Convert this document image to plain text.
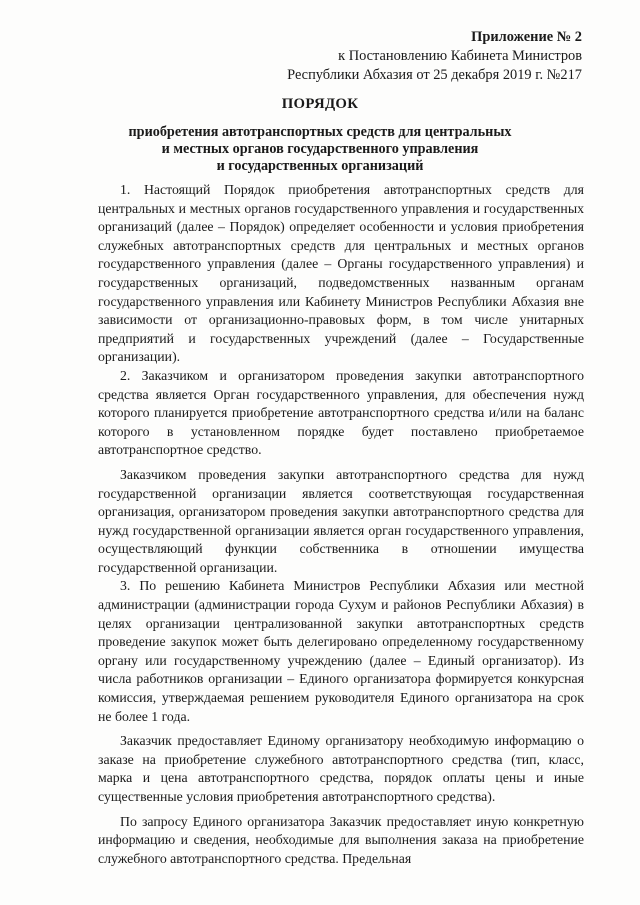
Приложение № 2
к Постановлению Кабинета Министров
Республики Абхазия от 25 декабря 2019 г. №217
ПОРЯДОК
приобретения автотранспортных средств для центральных
и местных органов государственного управления
и государственных организаций

1. Настоящий Порядок приобретения автотранспортных средств для центральных и местных органов государственного управления и государственных организаций (далее – Порядок) определяет особенности и условия приобретения служебных автотранспортных средств для центральных и местных органов государственного управления (далее – Органы государственного управления) и государственных организаций, подведомственных названным органам государственного управления или Кабинету Министров Республики Абхазия вне зависимости от организационно-правовых форм, в том числе унитарных предприятий и государственных учреждений (далее – Государственные организации).

2. Заказчиком и организатором проведения закупки автотранспортного средства является Орган государственного управления, для обеспечения нужд которого планируется приобретение автотранспортного средства и/или на баланс которого в установленном порядке будет поставлено приобретаемое автотранспортное средство.

Заказчиком проведения закупки автотранспортного средства для нужд государственной организации является соответствующая государственная организация, организатором проведения закупки автотранспортного средства для нужд государственной организации является орган государственного управления, осуществляющий функции собственника в отношении имущества государственной организации.

3. По решению Кабинета Министров Республики Абхазия или местной администрации (администрации города Сухум и районов Республики Абхазия) в целях организации централизованной закупки автотранспортных средств проведение закупок может быть делегировано определенному государственному органу или государственному учреждению (далее – Единый организатор). Из числа работников организации – Единого организатора формируется конкурсная комиссия, утверждаемая решением руководителя Единого организатора на срок не более 1 года.

Заказчик предоставляет Единому организатору необходимую информацию о заказе на приобретение служебного автотранспортного средства (тип, класс, марка и цена автотранспортного средства, порядок оплаты цены и иные существенные условия приобретения автотранспортного средства).

По запросу Единого организатора Заказчик предоставляет иную конкретную информацию и сведения, необходимые для выполнения заказа на приобретение служебного автотранспортного средства. Предельная
